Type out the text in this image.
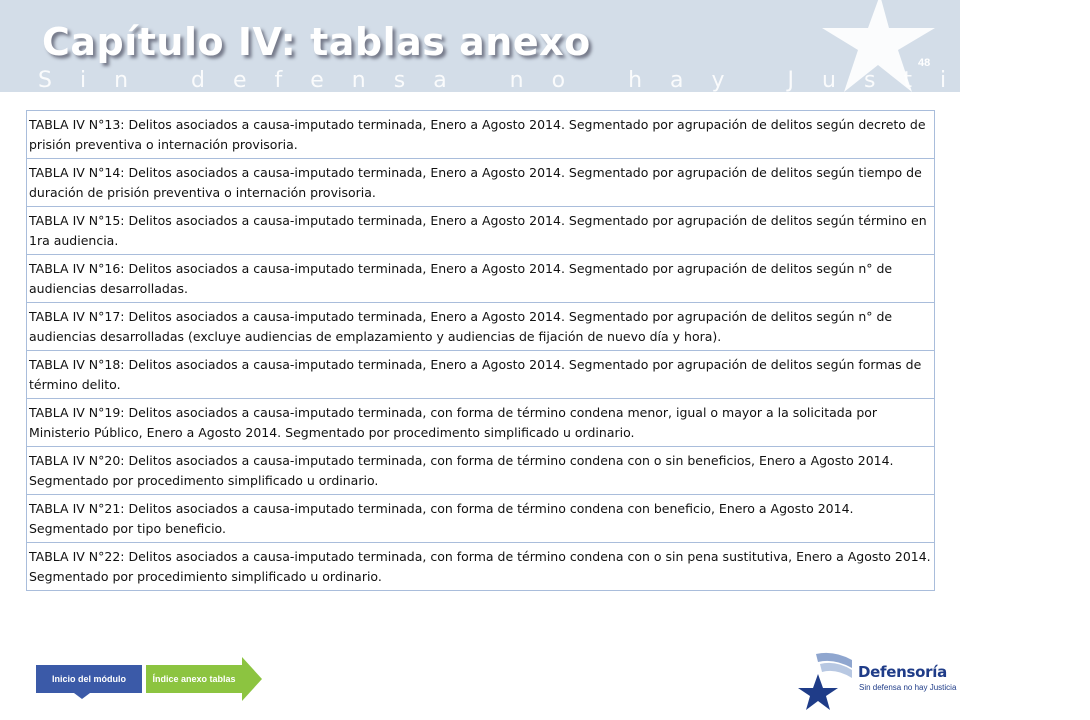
Capítulo IV: tablas anexo
Sin defensa no hay Justicia
48
TABLA IV N°13: Delitos asociados a causa-imputado terminada, Enero a Agosto 2014. Segmentado por agrupación de delitos según decreto de prisión preventiva o internación provisoria.
TABLA IV N°14: Delitos asociados a causa-imputado terminada, Enero a Agosto 2014. Segmentado por agrupación de delitos según tiempo de duración de prisión preventiva o internación provisoria.
TABLA IV N°15: Delitos asociados a causa-imputado terminada, Enero a Agosto 2014. Segmentado por agrupación de delitos según término en 1ra audiencia.
TABLA IV N°16: Delitos asociados a causa-imputado terminada, Enero a Agosto 2014. Segmentado por agrupación de delitos según n° de audiencias desarrolladas.
TABLA IV N°17: Delitos asociados a causa-imputado terminada, Enero a Agosto 2014. Segmentado por agrupación de delitos según n° de audiencias desarrolladas (excluye audiencias de emplazamiento y audiencias de fijación de nuevo día y hora).
TABLA IV N°18: Delitos asociados a causa-imputado terminada, Enero a Agosto 2014. Segmentado por agrupación de delitos según formas de término delito.
TABLA IV N°19: Delitos asociados a causa-imputado terminada, con forma de término condena menor, igual o mayor a la solicitada por Ministerio Público, Enero a Agosto 2014. Segmentado por procedimento simplificado u ordinario.
TABLA IV N°20: Delitos asociados a causa-imputado terminada, con forma de término condena con o sin beneficios, Enero a Agosto 2014. Segmentado por procedimento simplificado u ordinario.
TABLA IV N°21: Delitos asociados a causa-imputado terminada, con forma de término condena con beneficio, Enero a Agosto 2014. Segmentado por tipo beneficio.
TABLA IV N°22: Delitos asociados a causa-imputado terminada, con forma de término condena con o sin pena sustitutiva, Enero a Agosto 2014. Segmentado por procedimiento simplificado u ordinario.
Inicio del módulo	Índice anexo tablas	Defensoría
Sin defensa no hay Justicia
